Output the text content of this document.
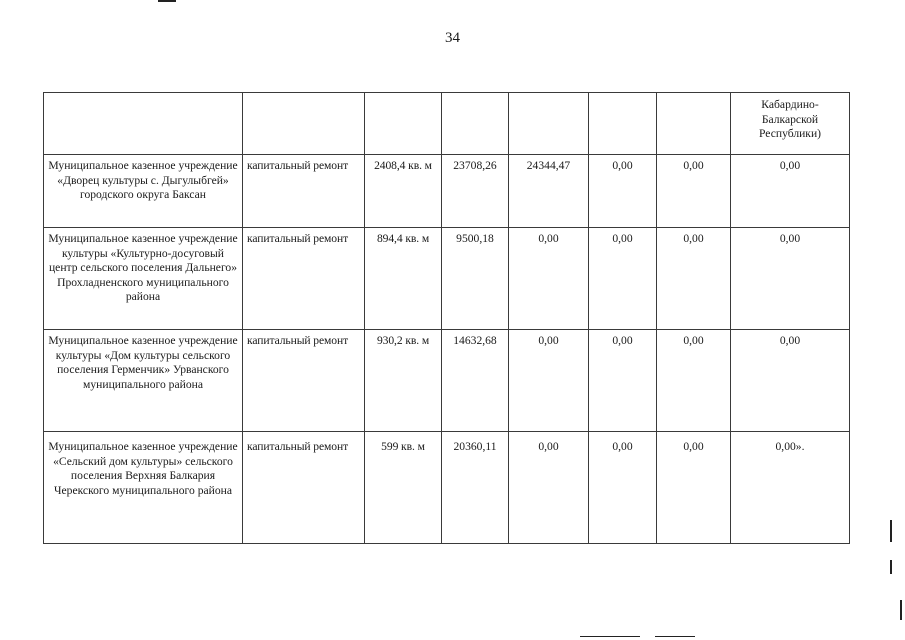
34
							Кабардино-
Балкарской
Республики)
Муниципальное казенное учреждение «Дворец культуры с. Дыгулыбгей» городского округа Баксан	капитальный ремонт	2408,4 кв. м	23708,26	24344,47	0,00	0,00	0,00
Муниципальное казенное учреждение культуры «Культурно-досуговый центр сельского поселения Дальнего» Прохладненского муниципального района	капитальный ремонт	894,4 кв. м	9500,18	0,00	0,00	0,00	0,00
Муниципальное казенное учреждение культуры «Дом культуры сельского поселения Герменчик» Урванского муниципального района	капитальный ремонт	930,2 кв. м	14632,68	0,00	0,00	0,00	0,00
Муниципальное казенное учреждение «Сельский дом культуры» сельского поселения Верхняя Балкария Черекского муниципального района	капитальный ремонт	599 кв. м	20360,11	0,00	0,00	0,00	0,00».
